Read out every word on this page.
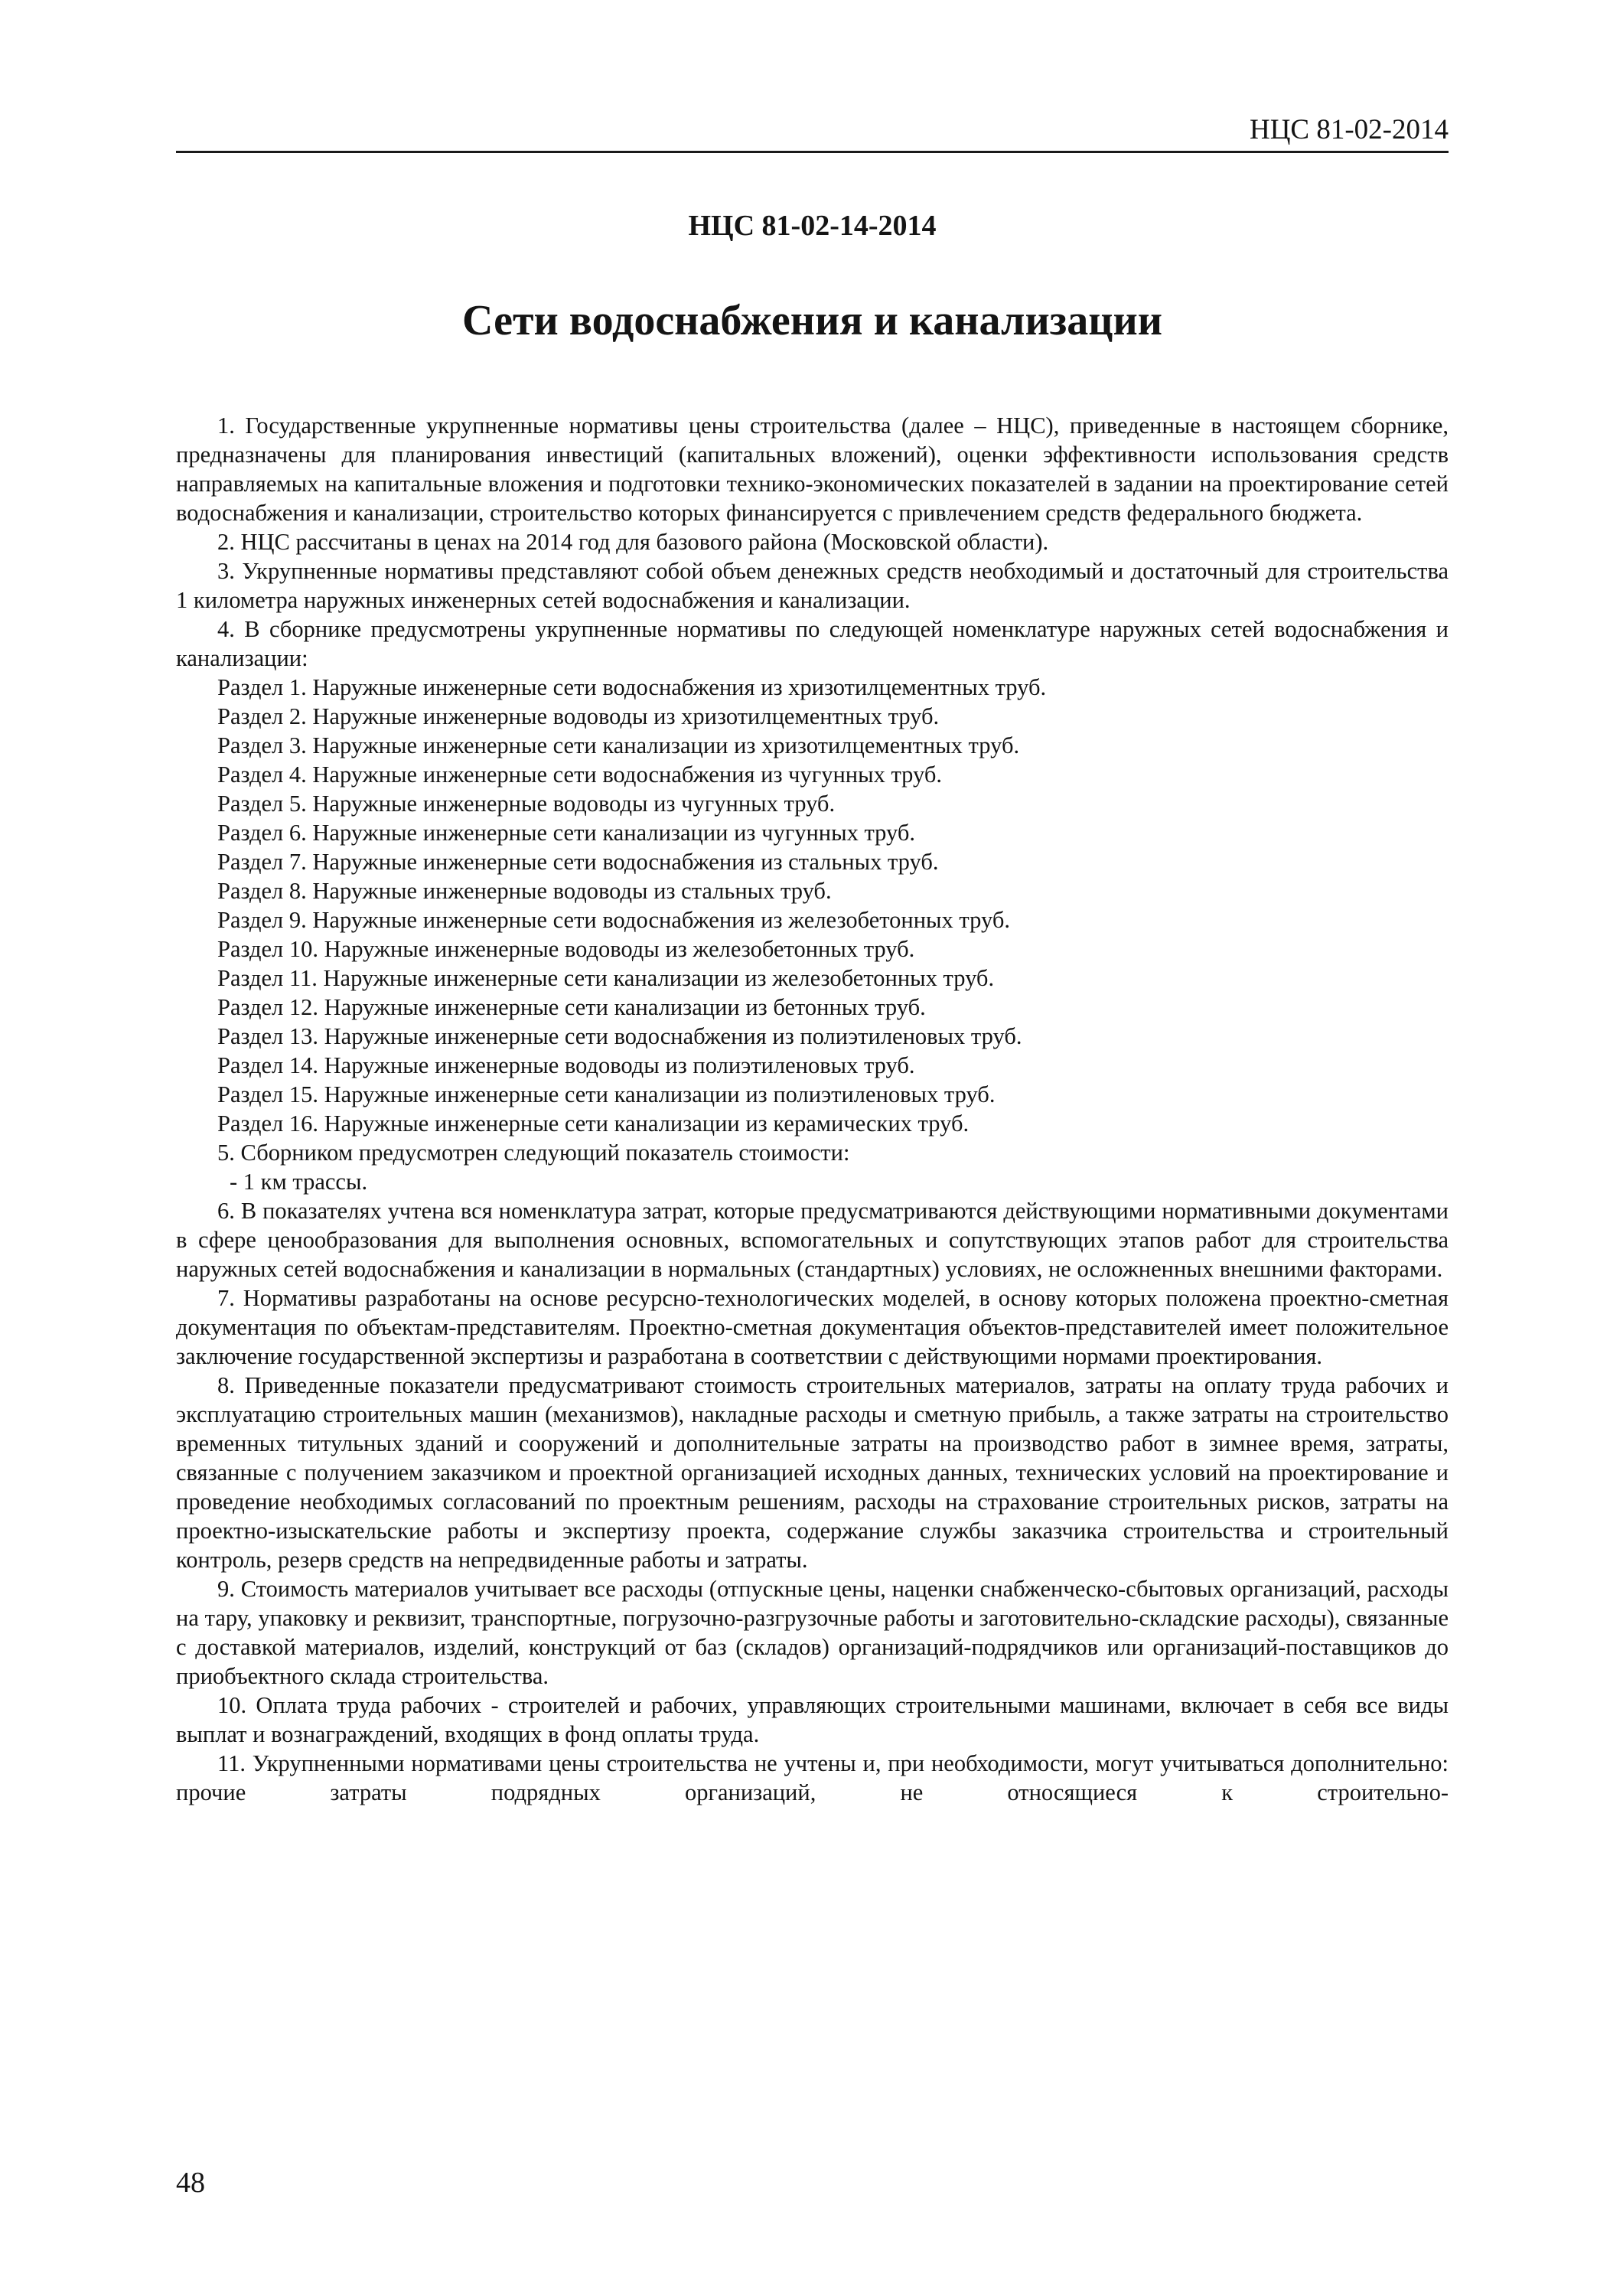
НЦС 81-02-2014
НЦС 81-02-14-2014
Сети водоснабжения и канализации

1. Государственные укрупненные нормативы цены строительства (далее – НЦС), приведенные в настоящем сборнике, предназначены для планирования инвестиций (капитальных вложений), оценки эффективности использования средств направляемых на капитальные вложения и подготовки технико-экономических показателей в задании на проектирование сетей водоснабжения и канализации, строительство которых финансируется с привлечением средств федерального бюджета.

2. НЦС рассчитаны в ценах на 2014 год для базового района (Московской области).

3. Укрупненные нормативы представляют собой объем денежных средств необходимый и достаточный для строительства 1 километра наружных инженерных сетей водоснабжения и канализации.

4. В сборнике предусмотрены укрупненные нормативы по следующей номенклатуре наружных сетей водоснабжения и канализации:

Раздел 1. Наружные инженерные сети водоснабжения из хризотилцементных труб.
Раздел 2. Наружные инженерные водоводы из хризотилцементных труб.
Раздел 3. Наружные инженерные сети канализации из хризотилцементных труб.
Раздел 4. Наружные инженерные сети водоснабжения из чугунных труб.
Раздел 5. Наружные инженерные водоводы из чугунных труб.
Раздел 6. Наружные инженерные сети канализации из чугунных труб.
Раздел 7. Наружные инженерные сети водоснабжения из стальных труб.
Раздел 8. Наружные инженерные водоводы из стальных труб.
Раздел 9. Наружные инженерные сети водоснабжения из железобетонных труб.
Раздел 10. Наружные инженерные водоводы из железобетонных труб.
Раздел 11. Наружные инженерные сети канализации из железобетонных труб.
Раздел 12. Наружные инженерные сети канализации из бетонных труб.
Раздел 13. Наружные инженерные сети водоснабжения из полиэтиленовых труб.
Раздел 14. Наружные инженерные водоводы из полиэтиленовых труб.
Раздел 15. Наружные инженерные сети канализации из полиэтиленовых труб.
Раздел 16. Наружные инженерные сети канализации из керамических труб.

5. Сборником предусмотрен следующий показатель стоимости:

- 1 км трассы.

6. В показателях учтена вся номенклатура затрат, которые предусматриваются действующими нормативными документами в сфере ценообразования для выполнения основных, вспомогательных и сопутствующих этапов работ для строительства наружных сетей водоснабжения и канализации в нормальных (стандартных) условиях, не осложненных внешними факторами.

7. Нормативы разработаны на основе ресурсно-технологических моделей, в основу которых положена проектно-сметная документация по объектам-представителям. Проектно-сметная документация объектов-представителей имеет положительное заключение государственной экспертизы и разработана в соответствии с действующими нормами проектирования.

8. Приведенные показатели предусматривают стоимость строительных материалов, затраты на оплату труда рабочих и эксплуатацию строительных машин (механизмов), накладные расходы и сметную прибыль, а также затраты на строительство временных титульных зданий и сооружений и дополнительные затраты на производство работ в зимнее время, затраты, связанные с получением заказчиком и проектной организацией исходных данных, технических условий на проектирование и проведение необходимых согласований по проектным решениям, расходы на страхование строительных рисков, затраты на проектно-изыскательские работы и экспертизу проекта, содержание службы заказчика строительства и строительный контроль, резерв средств на непредвиденные работы и затраты.

9. Стоимость материалов учитывает все расходы (отпускные цены, наценки снабженческо-сбытовых организаций, расходы на тару, упаковку и реквизит, транспортные, погрузочно-разгрузочные работы и заготовительно-складские расходы), связанные с доставкой материалов, изделий, конструкций от баз (складов) организаций-подрядчиков или организаций-поставщиков до приобъектного склада строительства.

10. Оплата труда рабочих - строителей и рабочих, управляющих строительными машинами, включает в себя все виды выплат и вознаграждений, входящих в фонд оплаты труда.

11. Укрупненными нормативами цены строительства не учтены и, при необходимости, могут учитываться дополнительно: прочие затраты подрядных организаций, не относящиеся к строительно-

48
